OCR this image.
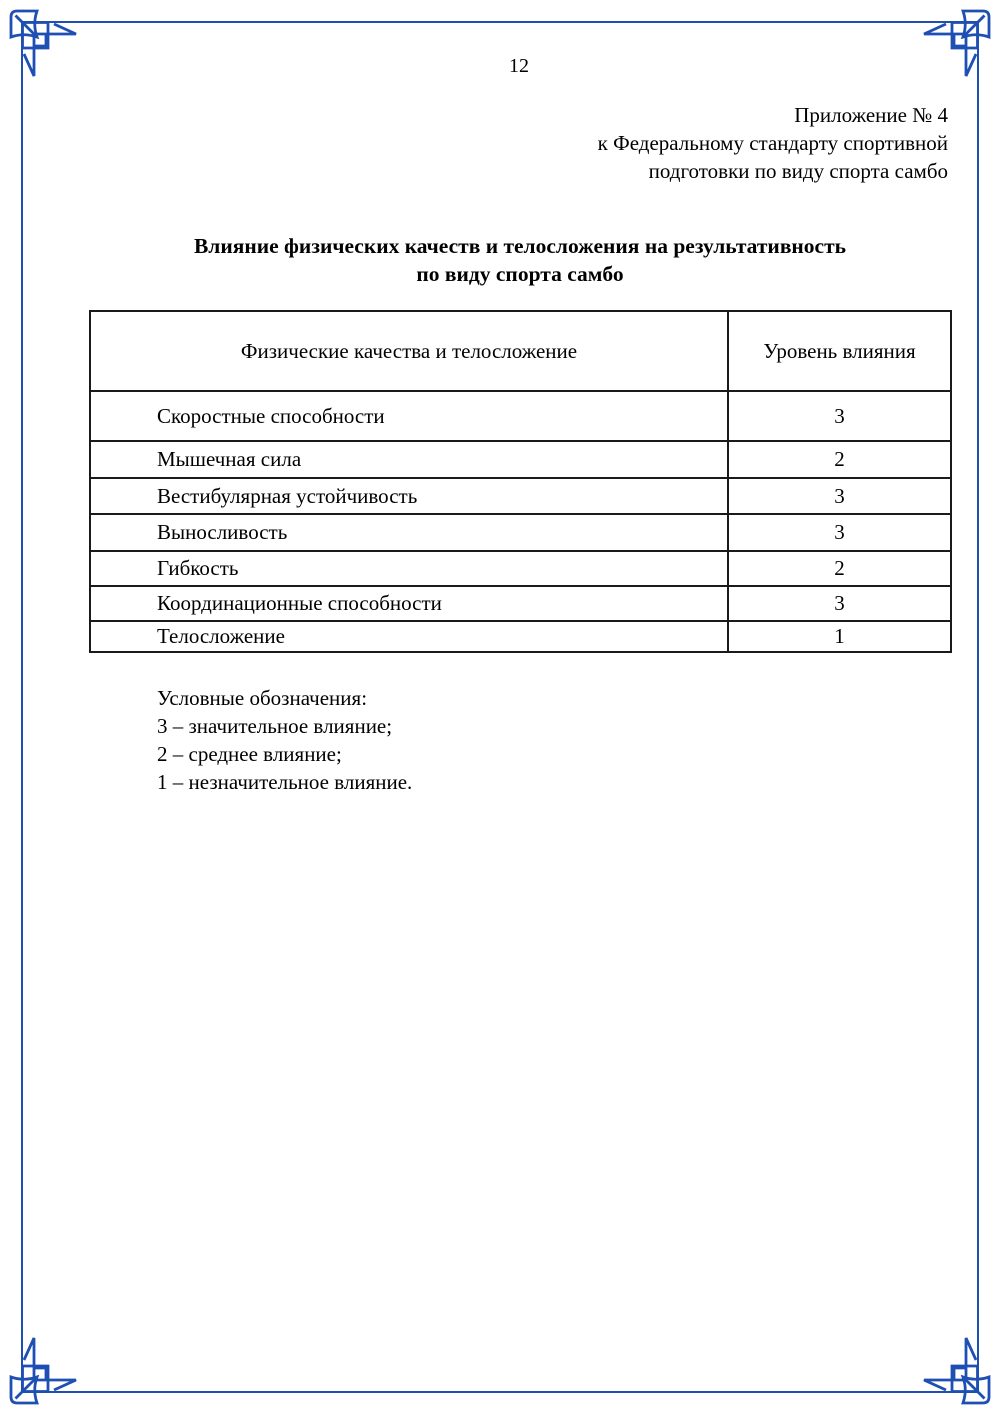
12
Приложение № 4
к Федеральному стандарту спортивной
подготовки по виду спорта самбо
Влияние физических качеств и телосложения на результативность
по виду спорта самбо
Физические качества и телосложение	Уровень влияния
Скоростные способности	3
Мышечная сила	2
Вестибулярная устойчивость	3
Выносливость	3
Гибкость	2
Координационные способности	3
Телосложение	1
Условные обозначения:
3 – значительное влияние;
2 – среднее влияние;
1 – незначительное влияние.
